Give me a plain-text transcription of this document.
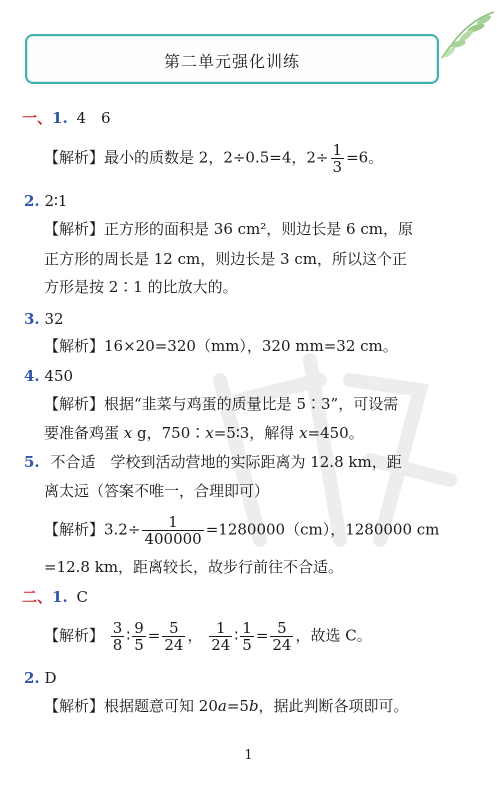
第二单元强化训练
一、1. 4　6
【解析】最小的质数是 2，2÷0.5=4，$2\div \frac{1}{3} =6$。
2. 2∶1
【解析】正方形的面积是 36 cm²，则边长是 6 cm，原
正方形的周长是 12 cm，则边长是 3 cm，所以这个正
方形是按 2∶1 的比放大的。
3. 32
【解析】16×20=320（mm），320 mm=32 cm。
4. 450
【解析】根据“韭菜与鸡蛋的质量比是 5∶3”，可设需
要准备鸡蛋 x g，750∶x=5∶3，解得 x=450。
5. 不合适　学校到活动营地的实际距离为 12.8 km，距
离太远（答案不唯一，合理即可）
【解析】$3.2\div \frac{1}{400000} =1280000(cm)$，1280000 cm
=12.8 km，距离较长，故步行前往不合适。
二、1. C
【解析】 $\frac{3}{8}$ ∶ $\frac{9}{5} = \frac{5}{24}$ ， $\frac{1}{24}$ ∶ $\frac{1}{5} = \frac{5}{24}$ ，故选 C。
2. D
【解析】根据题意可知 20a=5b，据此判断各项即可。
1
